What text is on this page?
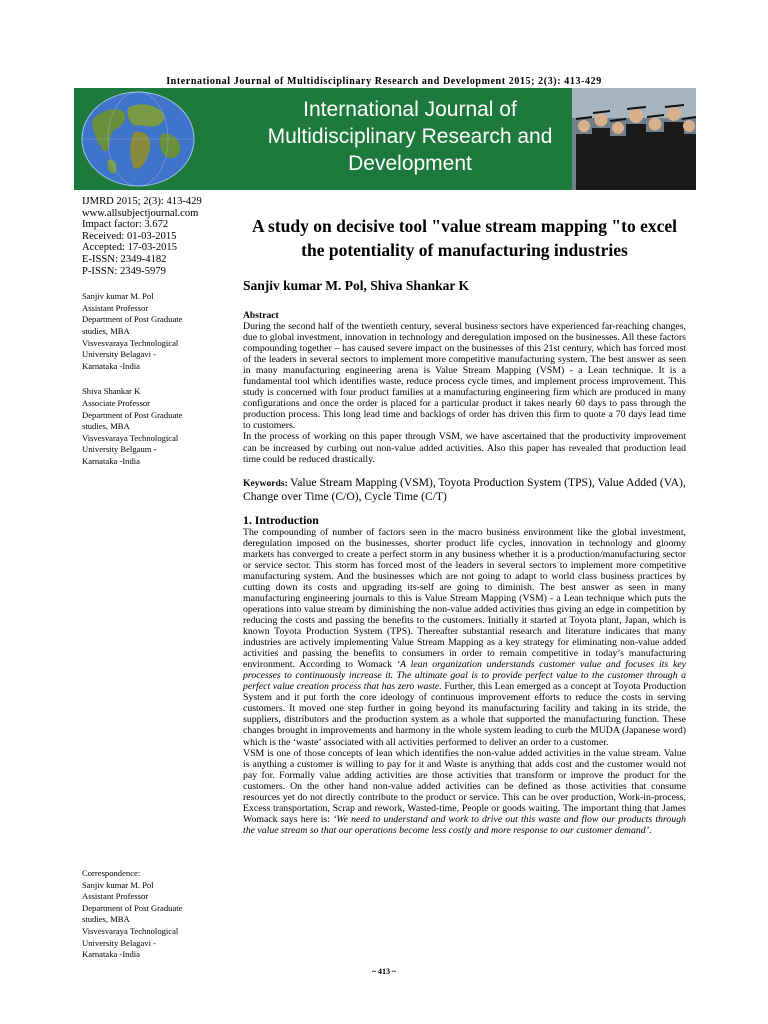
International Journal of Multidisciplinary Research and Development 2015; 2(3): 413-429
International Journal of
Multidisciplinary Research and
Development
IJMRD 2015; 2(3): 413-429
www.allsubjectjournal.com
Impact factor: 3.672
Received: 01-03-2015
Accepted: 17-03-2015
E-ISSN: 2349-4182
P-ISSN: 2349-5979
Sanjiv kumar M. Pol
Assistant Professor
Department of Post Graduate
studies, MBA
Visvesvaraya Technological
University Belagavi -
Karnataka -India
Shiva Shankar K
Associate Professor
Department of Post Graduate
studies, MBA
Visvesvaraya Technological
University Belgaum -
Karnataka -India
Correspondence:
Sanjiv kumar M. Pol
Assistant Professor
Department of Post Graduate
studies, MBA
Visvesvaraya Technological
University Belagavi -
Karnataka -India
A study on decisive tool "value stream mapping "to excel the potentiality of manufacturing industries
Sanjiv kumar M. Pol, Shiva Shankar K
Abstract

During the second half of the twentieth century, several business sectors have experienced far-reaching changes, due to global investment, innovation in technology and deregulation imposed on the businesses. All these factors compounding together – has caused severe impact on the businesses of this 21st century, which has forced most of the leaders in several sectors to implement more competitive manufacturing system. The best answer as seen in many manufacturing engineering arena is Value Stream Mapping (VSM) - a Lean technique. It is a fundamental tool which identifies waste, reduce process cycle times, and implement process improvement. This study is concerned with four product families at a manufacturing engineering firm which are produced in many configurations and once the order is placed for a particular product it takes nearly 60 days to pass through the production process. This long lead time and backlogs of order has driven this firm to quote a 70 days lead time to customers.

In the process of working on this paper through VSM, we have ascertained that the productivity improvement can be increased by curbing out non-value added activities. Also this paper has revealed that production lead time could be reduced drastically.

Keywords: Value Stream Mapping (VSM), Toyota Production System (TPS), Value Added (VA), Change over Time (C/O), Cycle Time (C/T)
1. Introduction

The compounding of number of factors seen in the macro business environment like the global investment, deregulation imposed on the businesses, shorter product life cycles, innovation in technology and gloomy markets has converged to create a perfect storm in any business whether it is a production/manufacturing sector or service sector. This storm has forced most of the leaders in several sectors to implement more competitive manufacturing system. And the businesses which are not going to adapt to world class business practices by cutting down its costs and upgrading its-self are going to diminish. The best answer as seen in many manufacturing engineering journals to this is Value Stream Mapping (VSM) - a Lean technique which puts the operations into value stream by diminishing the non-value added activities thus giving an edge in competition by reducing the costs and passing the benefits to the customers. Initially it started at Toyota plant, Japan, which is known Toyota Production System (TPS). Thereafter substantial research and literature indicates that many industries are actively implementing Value Stream Mapping as a key strategy for eliminating non-value added activities and passing the benefits to consumers in order to remain competitive in today’s manufacturing environment. According to Womack ‘A lean organization understands customer value and focuses its key processes to continuously increase it. The ultimate goal is to provide perfect value to the customer through a perfect value creation process that has zero waste. Further, this Lean emerged as a concept at Toyota Production System and it put forth the core ideology of continuous improvement efforts to reduce the costs in serving customers. It moved one step further in going beyond its manufacturing facility and taking in its stride, the suppliers, distributors and the production system as a whole that supported the manufacturing function. These changes brought in improvements and harmony in the whole system leading to curb the MUDA (Japanese word) which is the ‘waste’ associated with all activities performed to deliver an order to a customer.

VSM is one of those concepts of lean which identifies the non-value added activities in the value stream. Value is anything a customer is willing to pay for it and Waste is anything that adds cost and the customer would not pay for. Formally value adding activities are those activities that transform or improve the product for the customers. On the other hand non-value added activities can be defined as those activities that consume resources yet do not directly contribute to the product or service. This can be over production, Work-in-process, Excess transportation, Scrap and rework, Wasted-time, People or goods waiting. The important thing that James Womack says here is: ‘We need to understand and work to drive out this waste and flow our products through the value stream so that our operations become less costly and more response to our customer demand’.

~ 413 ~
